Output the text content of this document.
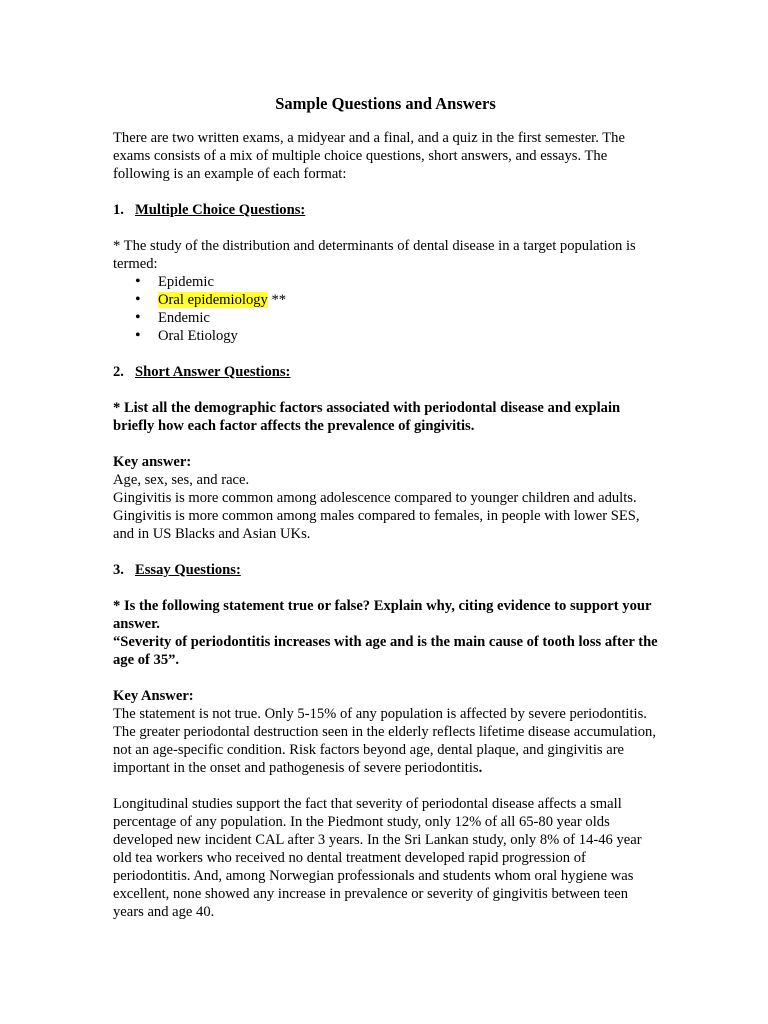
Sample Questions and Answers

There are two written exams, a midyear and a final, and a quiz in the first semester. The exams consists of a mix of multiple choice questions, short answers, and essays. The following is an example of each format:

1. Multiple Choice Questions:

* The study of the distribution and determinants of dental disease in a target population is termed:

• Epidemic
• Oral epidemiology **
• Endemic
• Oral Etiology
2. Short Answer Questions:

* List all the demographic factors associated with periodontal disease and explain briefly how each factor affects the prevalence of gingivitis.

Key answer:

Age, sex, ses, and race.

Gingivitis is more common among adolescence compared to younger children and adults.

Gingivitis is more common among males compared to females, in people with lower SES, and in US Blacks and Asian UKs.

3. Essay Questions:

* Is the following statement true or false? Explain why, citing evidence to support your answer.

“Severity of periodontitis increases with age and is the main cause of tooth loss after the age of 35”.

Key Answer:

The statement is not true. Only 5-15% of any population is affected by severe periodontitis. The greater periodontal destruction seen in the elderly reflects lifetime disease accumulation, not an age-specific condition. Risk factors beyond age, dental plaque, and gingivitis are important in the onset and pathogenesis of severe periodontitis.

Longitudinal studies support the fact that severity of periodontal disease affects a small percentage of any population. In the Piedmont study, only 12% of all 65-80 year olds developed new incident CAL after 3 years. In the Sri Lankan study, only 8% of 14-46 year old tea workers who received no dental treatment developed rapid progression of periodontitis. And, among Norwegian professionals and students whom oral hygiene was excellent, none showed any increase in prevalence or severity of gingivitis between teen years and age 40.
